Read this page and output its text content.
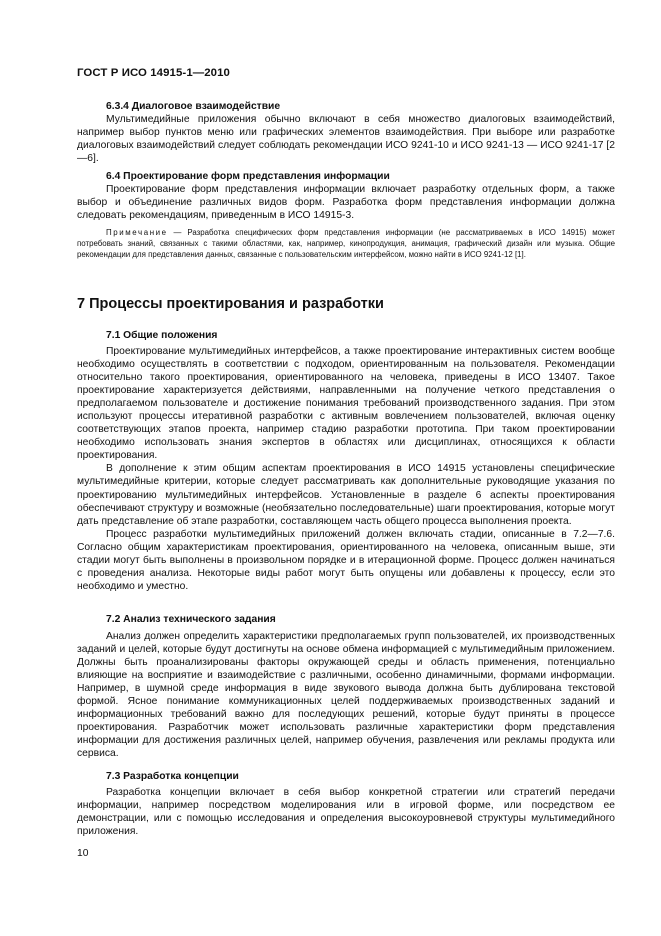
ГОСТ Р ИСО 14915-1—2010
6.3.4 Диалоговое взаимодействие

Мультимедийные приложения обычно включают в себя множество диалоговых взаимодействий, например выбор пунктов меню или графических элементов взаимодействия. При выборе или разработке диалоговых взаимодействий следует соблюдать рекомендации ИСО 9241-10 и ИСО 9241-13 — ИСО 9241-17 [2—6].

6.4 Проектирование форм представления информации

Проектирование форм представления информации включает разработку отдельных форм, а также выбор и объединение различных видов форм. Разработка форм представления информации должна следовать рекомендациям, приведенным в ИСО 14915-3.

Примечание — Разработка специфических форм представления информации (не рассматриваемых в ИСО 14915) может потребовать знаний, связанных с такими областями, как, например, кинопродукция, анимация, графический дизайн или музыка. Общие рекомендации для представления данных, связанные с пользовательским интерфейсом, можно найти в ИСО 9241-12 [1].

7 Процессы проектирования и разработки
7.1 Общие положения

Проектирование мультимедийных интерфейсов, а также проектирование интерактивных систем вообще необходимо осуществлять в соответствии с подходом, ориентированным на пользователя. Рекомендации относительно такого проектирования, ориентированного на человека, приведены в ИСО 13407. Такое проектирование характеризуется действиями, направленными на получение четкого представления о предполагаемом пользователе и достижение понимания требований производственного задания. При этом используют процессы итеративной разработки с активным вовлечением пользователей, включая оценку соответствующих этапов проекта, например стадию разработки прототипа. При таком проектировании необходимо использовать знания экспертов в областях или дисциплинах, относящихся к области проектирования.

В дополнение к этим общим аспектам проектирования в ИСО 14915 установлены специфические мультимедийные критерии, которые следует рассматривать как дополнительные руководящие указания по проектированию мультимедийных интерфейсов. Установленные в разделе 6 аспекты проектирования обеспечивают структуру и возможные (необязательно последовательные) шаги проектирования, которые могут дать представление об этапе разработки, составляющем часть общего процесса выполнения проекта.

Процесс разработки мультимедийных приложений должен включать стадии, описанные в 7.2—7.6. Согласно общим характеристикам проектирования, ориентированного на человека, описанным выше, эти стадии могут быть выполнены в произвольном порядке и в итерационной форме. Процесс должен начинаться с проведения анализа. Некоторые виды работ могут быть опущены или добавлены к процессу, если это необходимо и уместно.

7.2 Анализ технического задания

Анализ должен определить характеристики предполагаемых групп пользователей, их производственных заданий и целей, которые будут достигнуты на основе обмена информацией с мультимедийным приложением. Должны быть проанализированы факторы окружающей среды и область применения, потенциально влияющие на восприятие и взаимодействие с различными, особенно динамичными, формами информации. Например, в шумной среде информация в виде звукового вывода должна быть дублирована текстовой формой. Ясное понимание коммуникационных целей поддерживаемых производственных заданий и информационных требований важно для последующих решений, которые будут приняты в процессе проектирования. Разработчик может использовать различные характеристики форм представления информации для достижения различных целей, например обучения, развлечения или рекламы продукта или сервиса.

7.3 Разработка концепции

Разработка концепции включает в себя выбор конкретной стратегии или стратегий передачи информации, например посредством моделирования или в игровой форме, или посредством ее демонстрации, или с помощью исследования и определения высокоуровневой структуры мультимедийного приложения.

10
